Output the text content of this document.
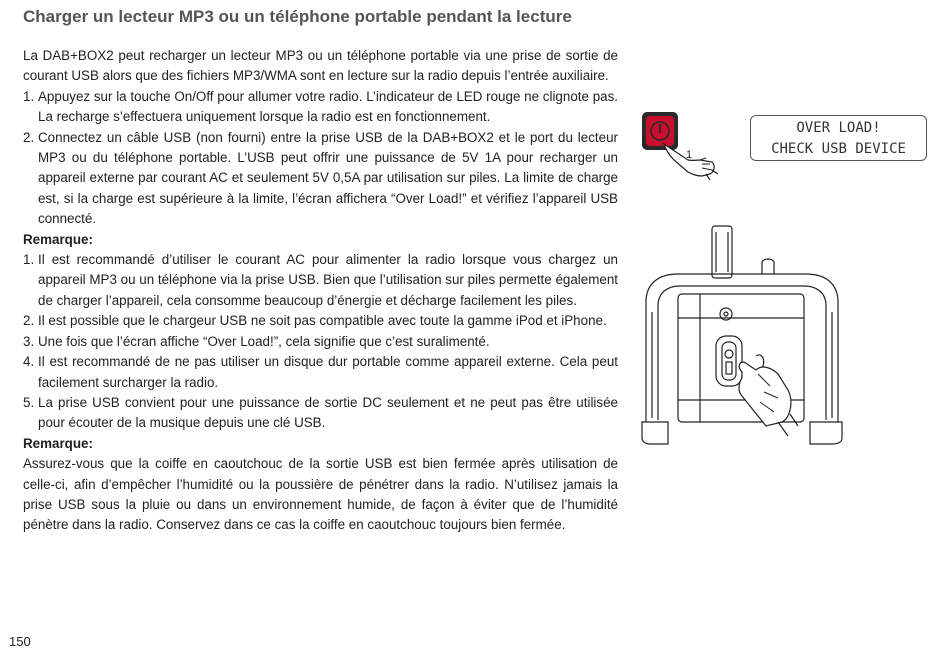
Charger un lecteur MP3 ou un téléphone portable pendant la lecture

La DAB+BOX2 peut recharger un lecteur MP3 ou un téléphone portable via une prise de sortie de courant USB alors que des fichiers MP3/WMA sont en lecture sur la radio depuis l’entrée auxiliaire.

1. Appuyez sur la touche On/Off pour allumer votre radio. L’indicateur de LED rouge ne clignote pas. La recharge s’effectuera uniquement lorsque la radio est en fonctionnement.
2. Connectez un câble USB (non fourni) entre la prise USB de la DAB+BOX2 et le port du lecteur MP3 ou du téléphone portable. L’USB peut offrir une puissance de 5V 1A pour recharger un appareil externe par courant AC et seulement 5V 0,5A par utilisation sur piles. La limite de charge est, si la charge est supérieure à la limite, l’écran affichera “Over Load!” et vérifiez l’appareil USB connecté.

Remarque:

1. Il est recommandé d’utiliser le courant AC pour alimenter la radio lorsque vous chargez un appareil MP3 ou un téléphone via la prise USB. Bien que l’utilisation sur piles permette également de charger l’appareil, cela consomme beaucoup d’énergie et décharge facilement les piles.
2. Il est possible que le chargeur USB ne soit pas compatible avec toute la gamme iPod et iPhone.
3. Une fois que l’écran affiche “Over Load!”, cela signifie que c’est suralimenté.
4. Il est recommandé de ne pas utiliser un disque dur portable comme appareil externe. Cela peut facilement surcharger la radio.
5. La prise USB convient pour une puissance de sortie DC seulement et ne peut pas être utilisée pour écouter de la musique depuis une clé USB.

Remarque:

Assurez-vous que la coiffe en caoutchouc de la sortie USB est bien fermée après utilisation de celle-ci, afin d’empêcher l’humidité ou la poussière de pénétrer dans la radio. N’utilisez jamais la prise USB sous la pluie ou dans un environnement humide, de façon à éviter que de l’humidité pénètre dans la radio. Conservez dans ce cas la coiffe en caoutchouc toujours bien fermée.

1
OVER LOAD!
CHECK USB DEVICE
150
